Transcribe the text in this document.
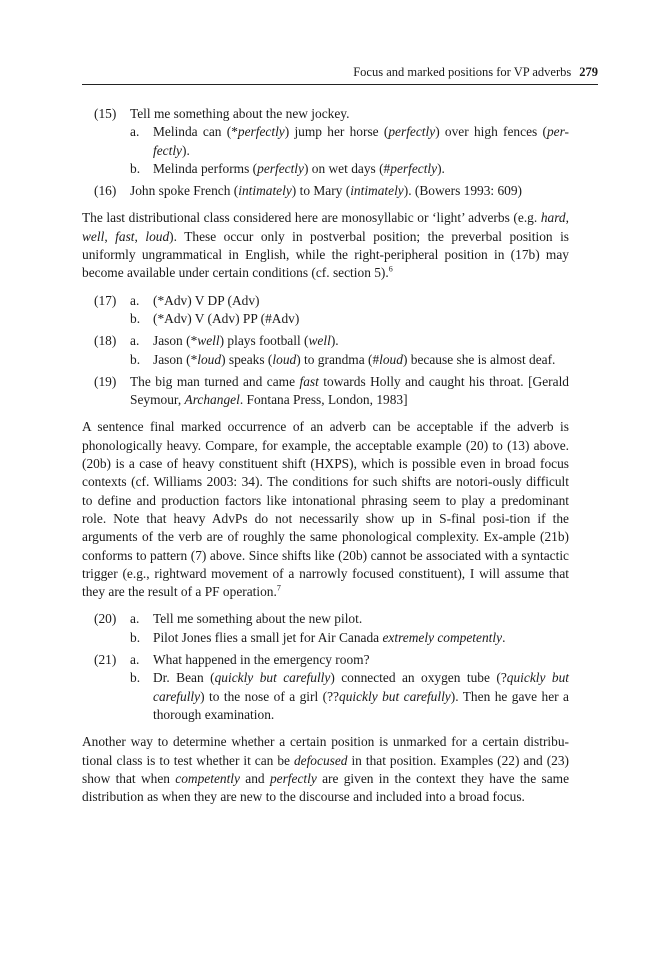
Focus and marked positions for VP adverbs 279
(15) Tell me something about the new jockey.

a. Melinda can (*perfectly) jump her horse (perfectly) over high fences (per-fectly).
b. Melinda performs (perfectly) on wet days (#perfectly).
(16) John spoke French (intimately) to Mary (intimately). (Bowers 1993: 609)

The last distributional class considered here are monosyllabic or ‘light’ adverbs (e.g. hard, well, fast, loud). These occur only in postverbal position; the preverbal position is uniformly ungrammatical in English, while the right-peripheral position in (17b) may become available under certain conditions (cf. section 5).$^6$

(17) a. (*Adv) V DP (Adv)
b. (*Adv) V (Adv) PP (#Adv)
(18) a. Jason (*well) plays football (well).
b. Jason (*loud) speaks (loud) to grandma (#loud) because she is almost deaf.
(19) The big man turned and came fast towards Holly and caught his throat. [Gerald Seymour, Archangel. Fontana Press, London, 1983]

A sentence final marked occurrence of an adverb can be acceptable if the adverb is phonologically heavy. Compare, for example, the acceptable example (20) to (13) above. (20b) is a case of heavy constituent shift (HXPS), which is possible even in broad focus contexts (cf. Williams 2003: 34). The conditions for such shifts are notori-ously difficult to define and production factors like intonational phrasing seem to play a predominant role. Note that heavy AdvPs do not necessarily show up in S-final posi-tion if the arguments of the verb are of roughly the same phonological complexity. Ex-ample (21b) conforms to pattern (7) above. Since shifts like (20b) cannot be associated with a syntactic trigger (e.g., rightward movement of a narrowly focused constituent), I will assume that they are the result of a PF operation.$^7$

(20) a. Tell me something about the new pilot.
b. Pilot Jones flies a small jet for Air Canada extremely competently.
(21) a. What happened in the emergency room?
b. Dr. Bean (quickly but carefully) connected an oxygen tube (?quickly but carefully) to the nose of a girl (??quickly but carefully). Then he gave her a thorough examination.

Another way to determine whether a certain position is unmarked for a certain distribu-tional class is to test whether it can be defocused in that position. Examples (22) and (23) show that when competently and perfectly are given in the context they have the same distribution as when they are new to the discourse and included into a broad focus.
